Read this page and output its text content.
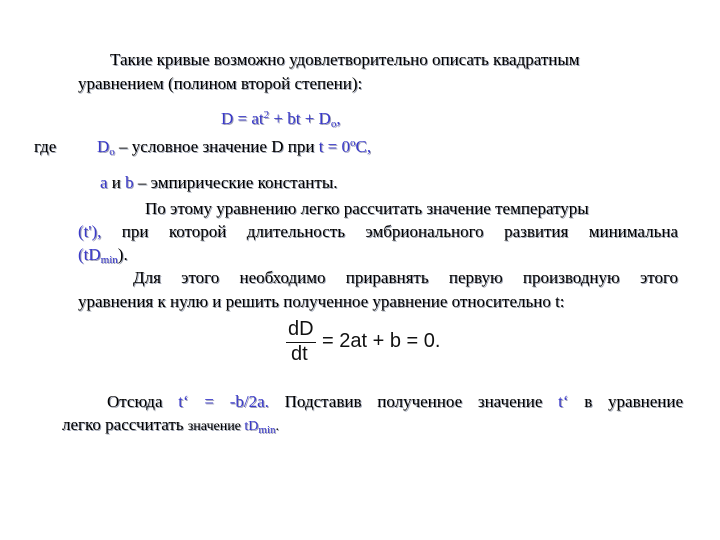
Такие кривые возможно удовлетворительно описать квадратным
уравнением (полином второй степени):
$D = at^2$ + bt + $D_o$,
где $D_o$ – условное значение D при $t = 0^oС$,
a и b – эмпирические константы.
По этому уравнению легко рассчитать значение температуры
(t'), при которой длительность эмбрионального развития минимальна
$(tD_{min})$.
Для этого необходимо приравнять первую производную этого
уравнения к нулю и решить полученное уравнение относительно t:
dD
dt
= 2at + b = 0.
Отсюда t‘ = -b/2a. Подставив полученное значение t‘ в уравнение
легко рассчитать значение $tD_{min}$.
